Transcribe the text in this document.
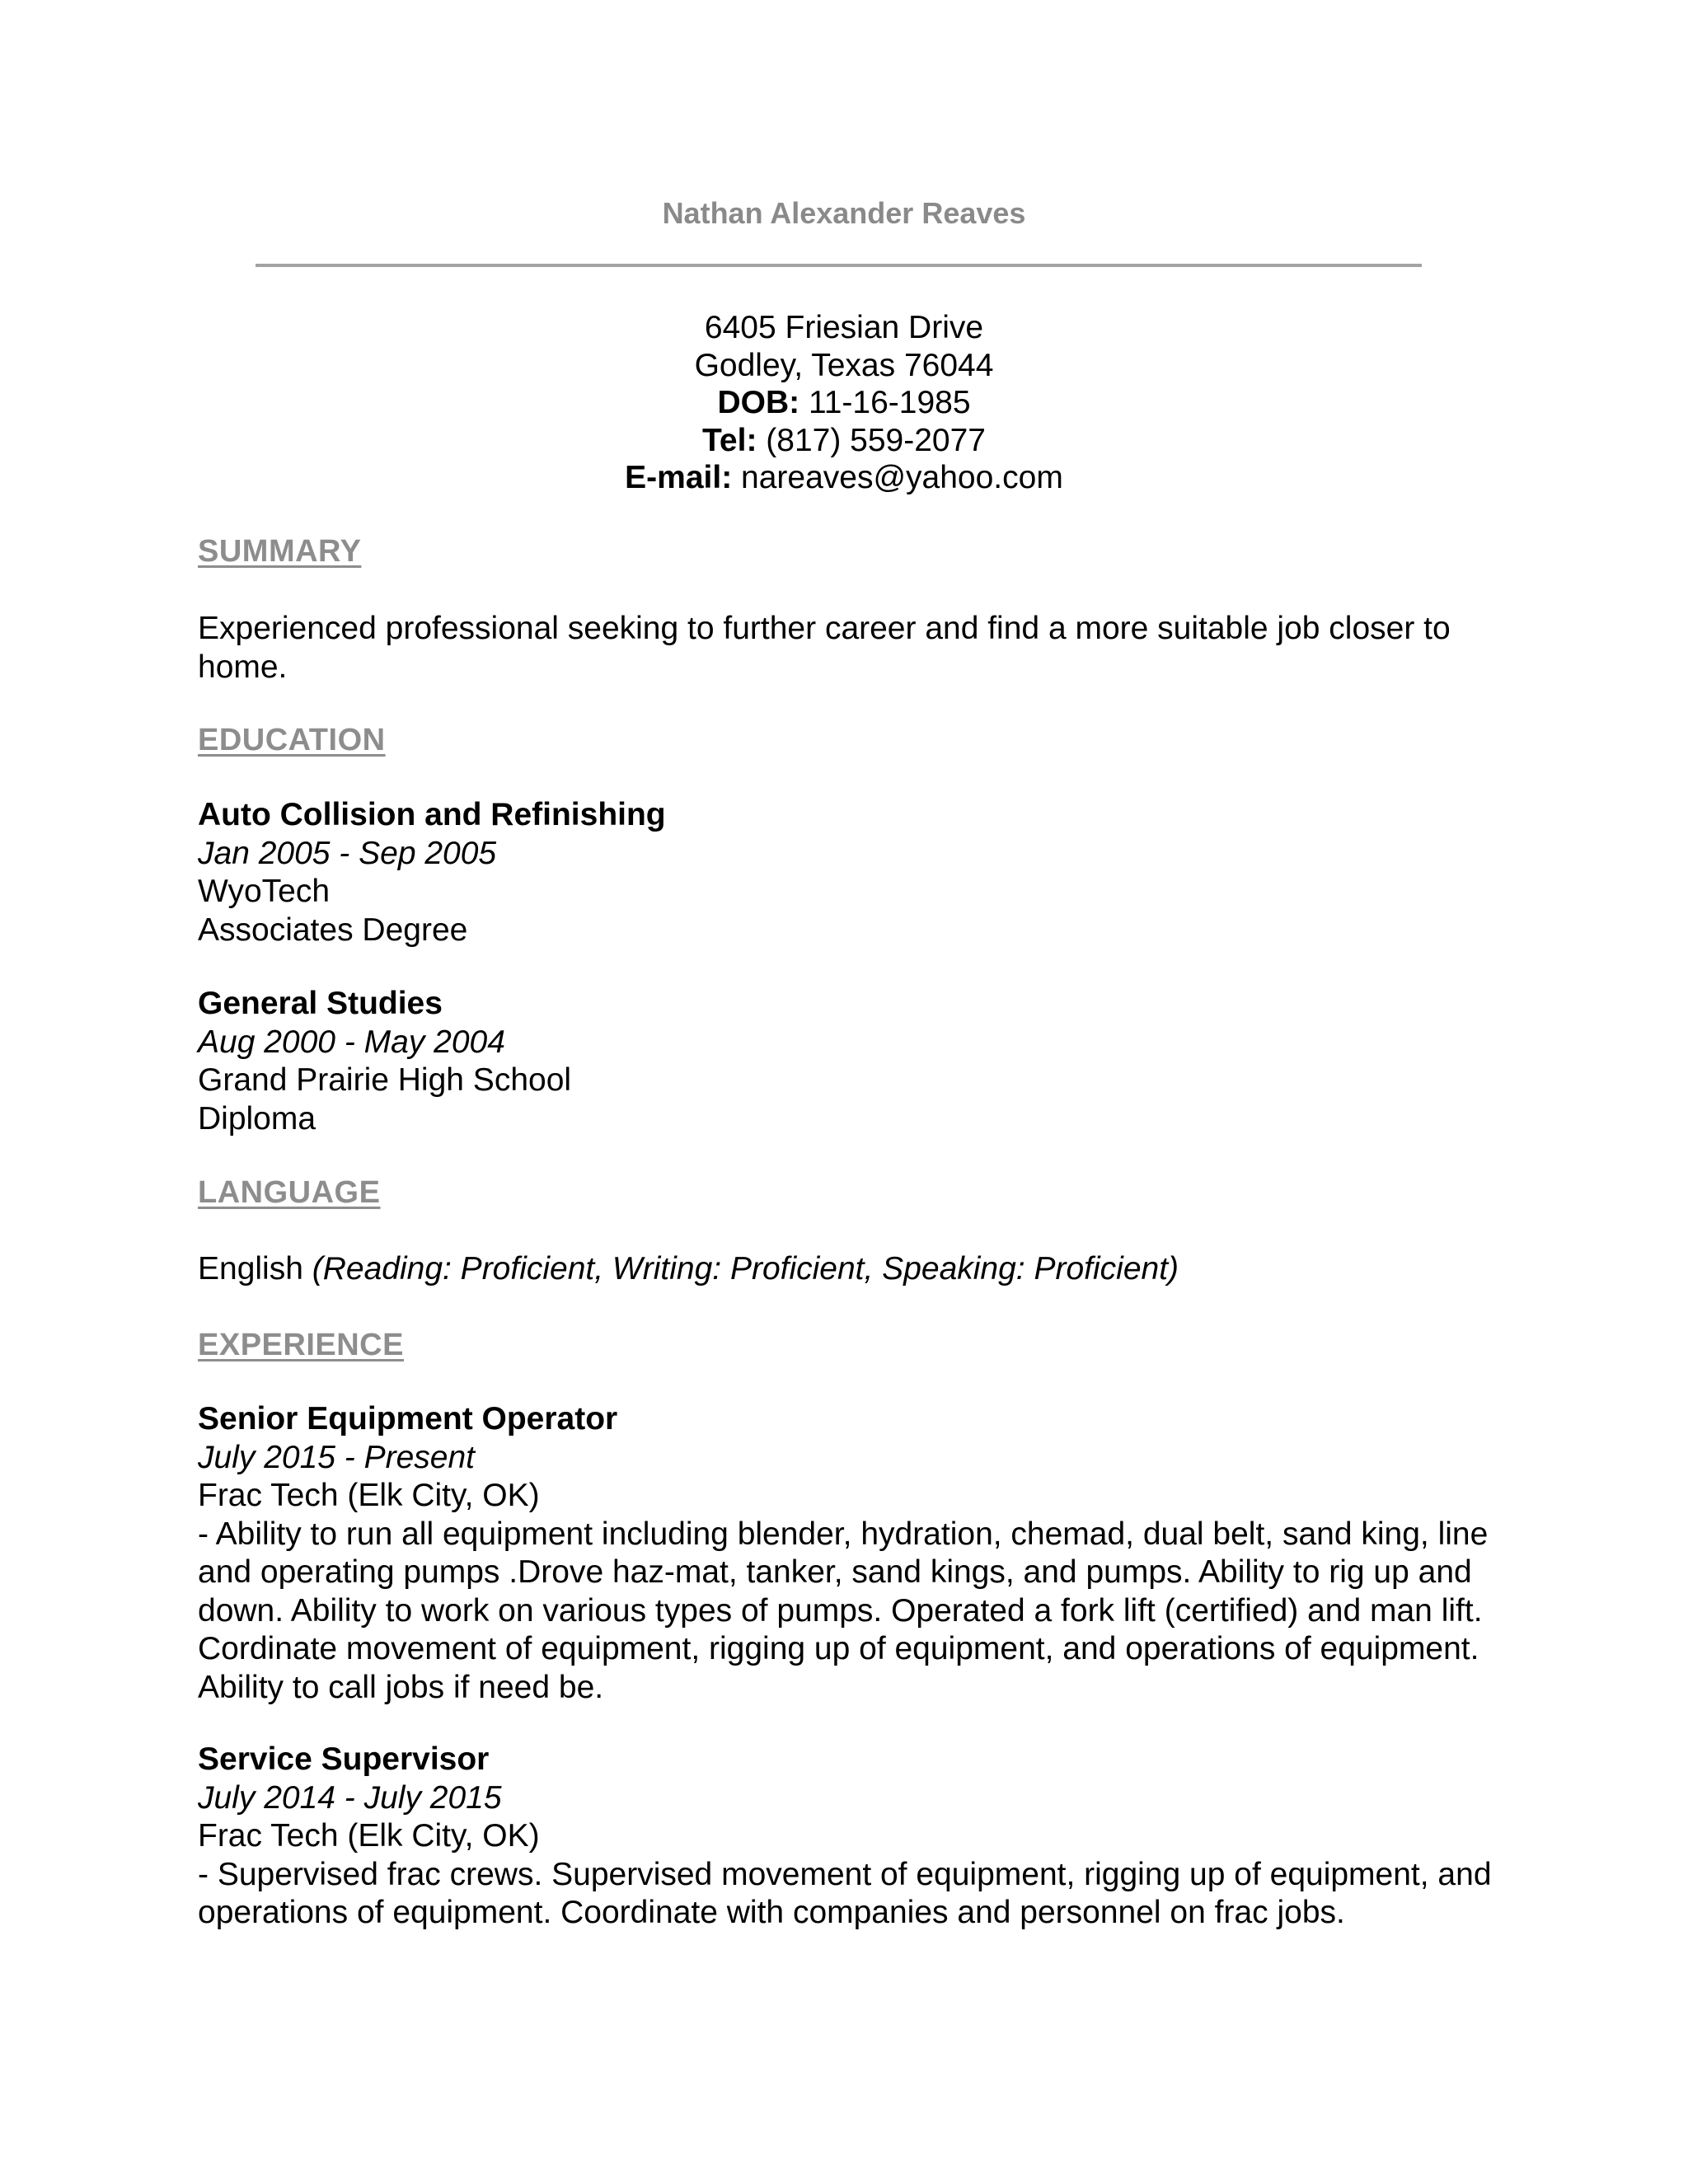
Nathan Alexander Reaves
6405 Friesian Drive
Godley, Texas 76044
DOB: 11-16-1985
Tel: (817) 559-2077
E-mail: nareaves@yahoo.com
SUMMARY
Experienced professional seeking to further career and find a more suitable job closer to home.
EDUCATION
Auto Collision and Refinishing
Jan 2005 - Sep 2005
WyoTech
Associates Degree
General Studies
Aug 2000 - May 2004
Grand Prairie High School
Diploma
LANGUAGE
English (Reading: Proficient, Writing: Proficient, Speaking: Proficient)
EXPERIENCE
Senior Equipment Operator
July 2015 - Present
Frac Tech (Elk City, OK)
- Ability to run all equipment including blender, hydration, chemad, dual belt, sand king, line and operating pumps .Drove haz-mat, tanker, sand kings, and pumps. Ability to rig up and down. Ability to work on various types of pumps. Operated a fork lift (certified) and man lift. Cordinate movement of equipment, rigging up of equipment, and operations of equipment. Ability to call jobs if need be.
Service Supervisor
July 2014 - July 2015
Frac Tech (Elk City, OK)
- Supervised frac crews. Supervised movement of equipment, rigging up of equipment, and operations of equipment. Coordinate with companies and personnel on frac jobs.
